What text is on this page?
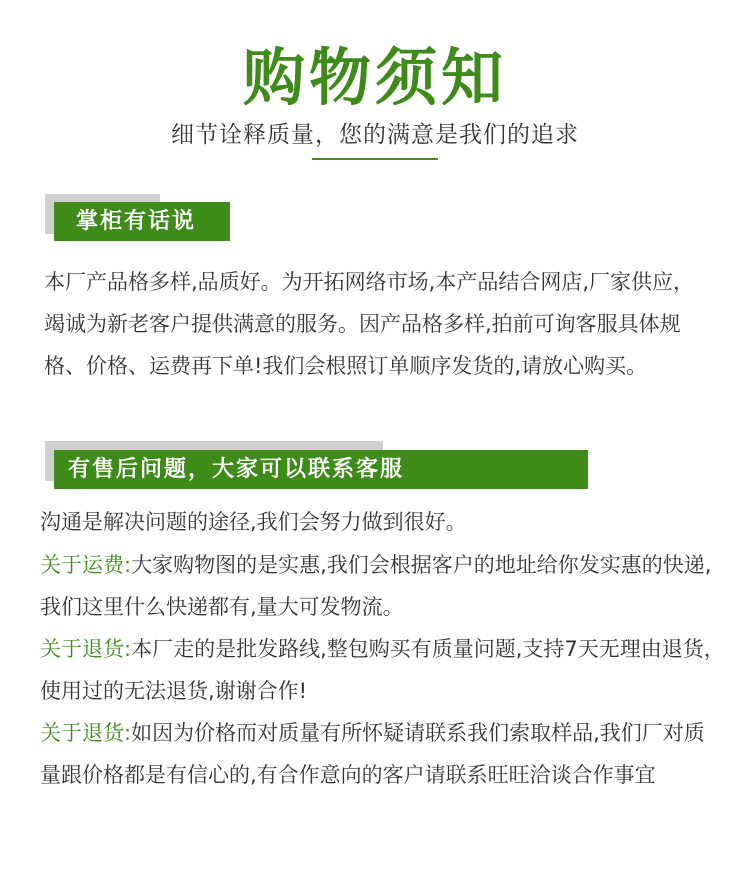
购物须知
细节诠释质量，您的满意是我们的追求
掌柜有话说
本厂产品格多样,品质好。为开拓网络市场,本产品结合网店,厂家供应，竭诚为新老客户提供满意的服务。因产品格多样,拍前可询客服具体规格、价格、运费再下单!我们会根照订单顺序发货的,请放心购买。
有售后问题，大家可以联系客服
沟通是解决问题的途径,我们会努力做到很好。
关于运费:大家购物图的是实惠,我们会根据客户的地址给你发实惠的快递,我们这里什么快递都有,量大可发物流。
关于退货:本厂走的是批发路线,整包购买有质量问题,支持7天无理由退货，使用过的无法退货,谢谢合作!
关于退货:如因为价格而对质量有所怀疑请联系我们索取样品,我们厂对质量跟价格都是有信心的,有合作意向的客户请联系旺旺洽谈合作事宜
